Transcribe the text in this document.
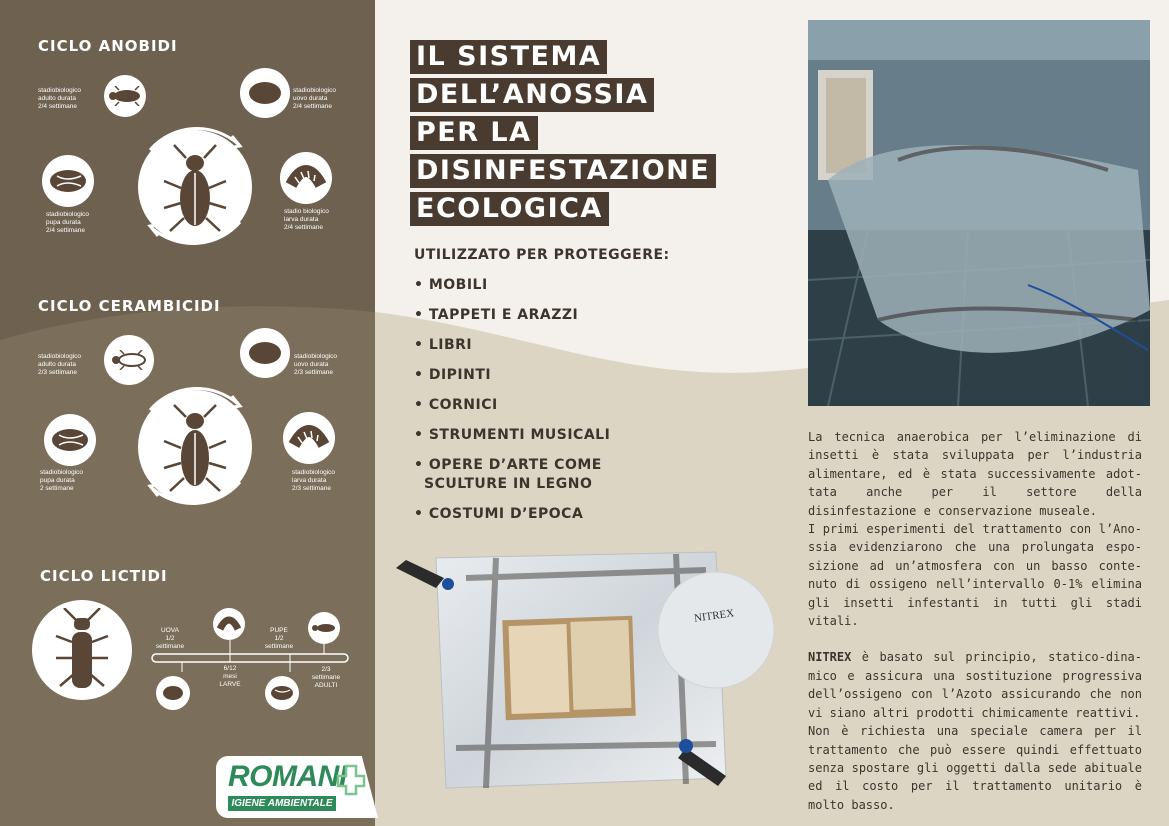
CICLO ANOBIDI
stadiobiologico
adulto durata
2/4 settimane
stadiobiologico
uovo durata
2/4 settimane
stadiobiologico
pupa durata
2/4 settimane
stadio biologico
larva durata
2/4 settimane
CICLO CERAMBICIDI
stadiobiologico
adulto durata
2/3 settimane
stadiobiologico
uovo durata
2/3 settimane
stadiobiologico
pupa durata
2 settimane
stadiobiologico
larva durata
2/3 settimane
CICLO LICTIDI
UOVA
1/2
settimane
6/12
mesi
LARVE
PUPE
1/2
settimane
2/3
settimane
ADULTI
ROMANI
IGIENE AMBIENTALE
IL SISTEMA
DELL’ANOSSIA
PER LA
DISINFESTAZIONE
ECOLOGICA
UTILIZZATO PER PROTEGGERE:
• MOBILI
• TAPPETI E ARAZZI
• LIBRI
• DIPINTI
• CORNICI
• STRUMENTI MUSICALI
• OPERE D’ARTE COME
SCULTURE IN LEGNO
• COSTUMI D’EPOCA
NITREX
La tecnica anaerobica per l’eliminazione di insetti è stata sviluppata per l’industria alimentare, ed è stata successivamente adot-tata anche per il settore della disinfestazione e conservazione museale.
I primi esperimenti del trattamento con l’Ano-ssia evidenziarono che una prolungata espo-sizione ad un’atmosfera con un basso conte-nuto di ossigeno nell’intervallo 0-1% elimina gli insetti infestanti in tutti gli stadi vitali.
NITREX è basato sul principio, statico-dina-mico e assicura una sostituzione progressiva dell’ossigeno con l’Azoto assicurando che non vi siano altri prodotti chimicamente reattivi.
Non è richiesta una speciale camera per il trattamento che può essere quindi effettuato senza spostare gli oggetti dalla sede abituale ed il costo per il trattamento unitario è molto basso.
